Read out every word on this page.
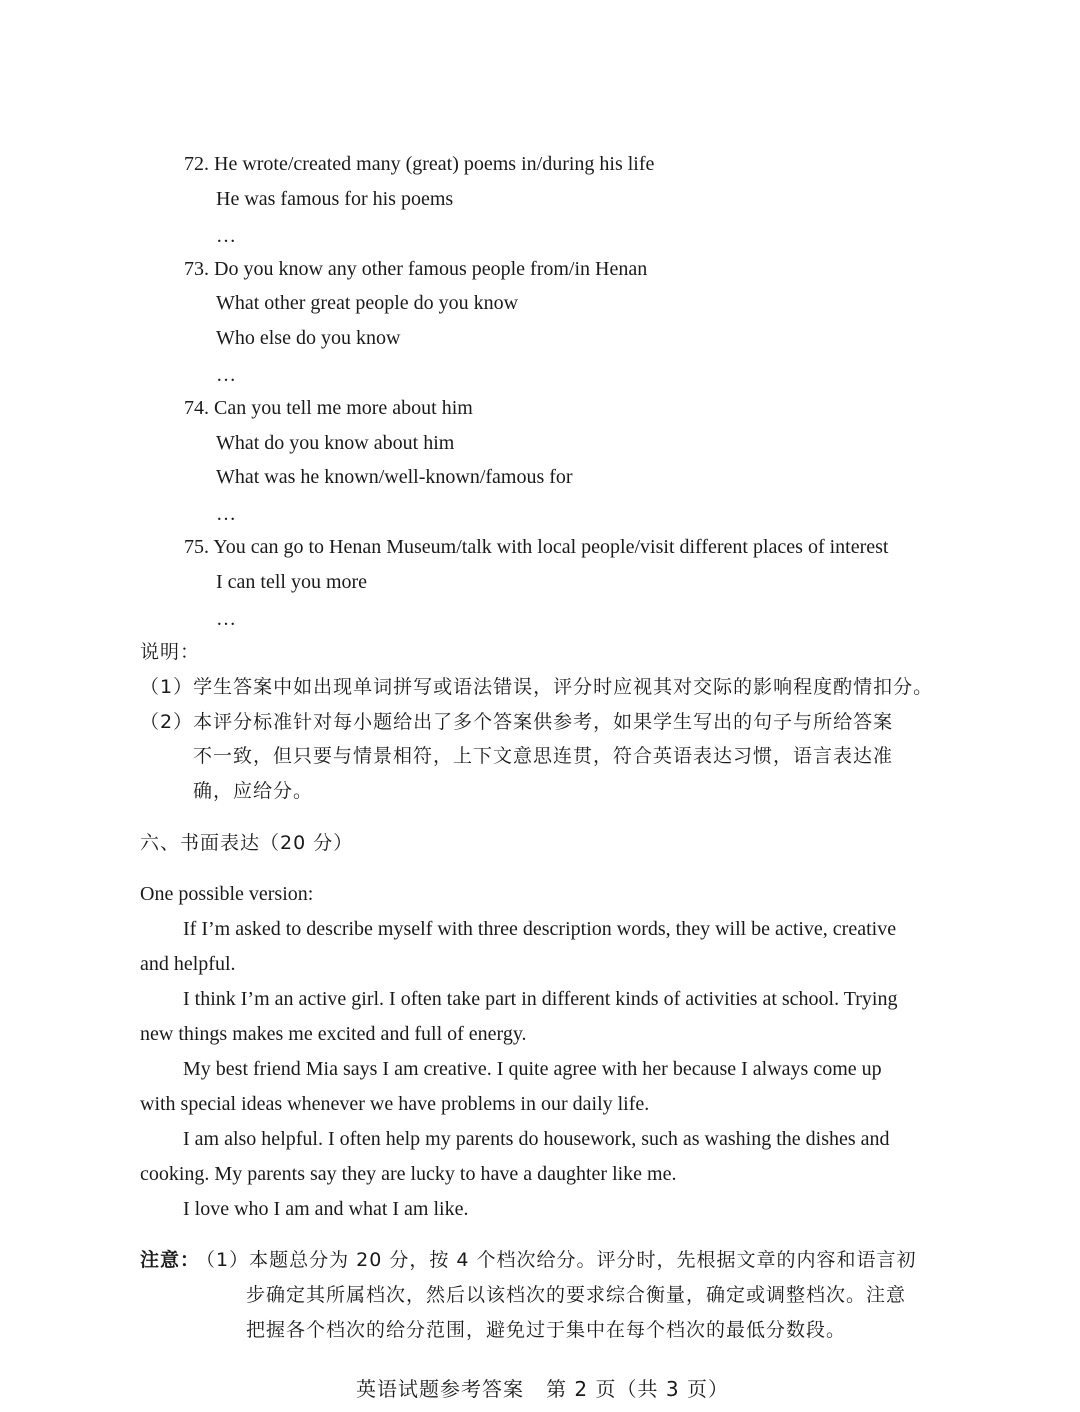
72. He wrote/created many (great) poems in/during his life
He was famous for his poems
…
73. Do you know any other famous people from/in Henan
What other great people do you know
Who else do you know
…
74. Can you tell me more about him
What do you know about him
What was he known/well-known/famous for
…
75. You can go to Henan Museum/talk with local people/visit different places of interest
I can tell you more
…
说明：
（1）学生答案中如出现单词拼写或语法错误，评分时应视其对交际的影响程度酌情扣分。
（2）本评分标准针对每小题给出了多个答案供参考，如果学生写出的句子与所给答案
不一致，但只要与情景相符，上下文意思连贯，符合英语表达习惯，语言表达准
确，应给分。
六、书面表达（20 分）
One possible version:
If I’m asked to describe myself with three description words, they will be active, creative
and helpful.
I think I’m an active girl. I often take part in different kinds of activities at school. Trying
new things makes me excited and full of energy.
My best friend Mia says I am creative. I quite agree with her because I always come up
with special ideas whenever we have problems in our daily life.
I am also helpful. I often help my parents do housework, such as washing the dishes and
cooking. My parents say they are lucky to have a daughter like me.
I love who I am and what I am like.
注意：
（1）本题总分为 20 分，按 4 个档次给分。评分时，先根据文章的内容和语言初
步确定其所属档次，然后以该档次的要求综合衡量，确定或调整档次。注意
把握各个档次的给分范围，避免过于集中在每个档次的最低分数段。
英语试题参考答案   第 2 页（共 3 页）
